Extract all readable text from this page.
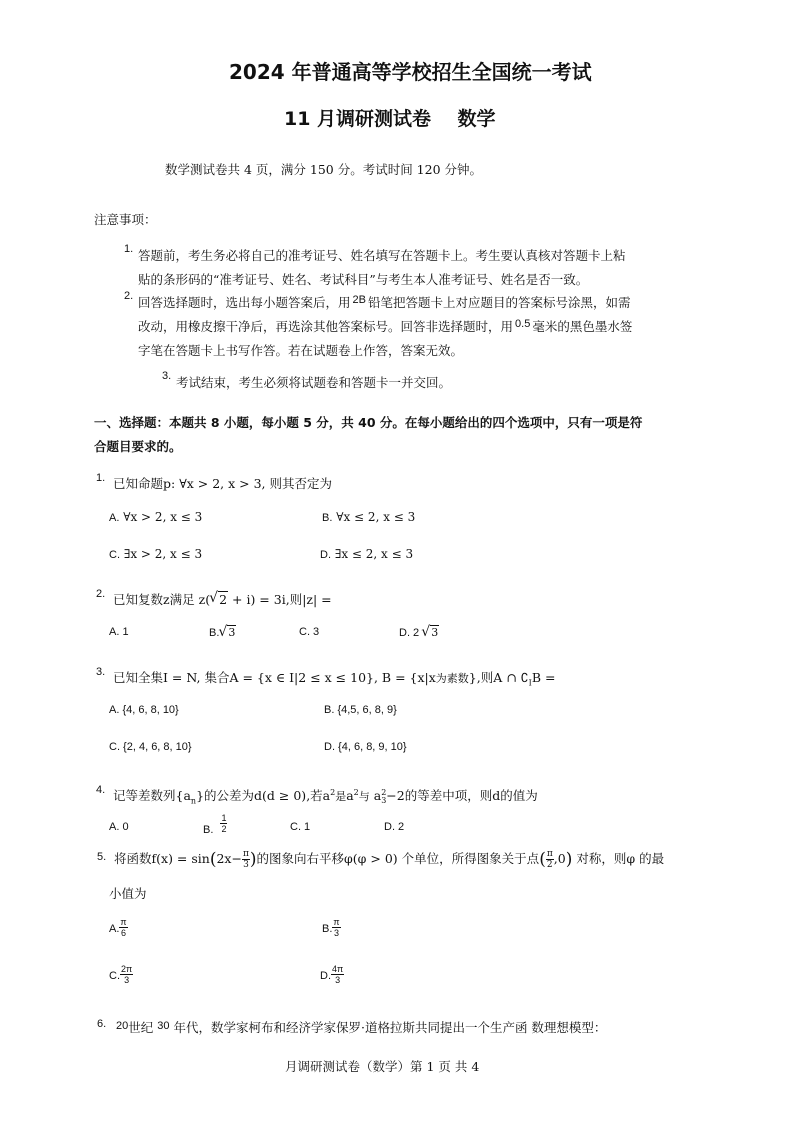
2024 年普通高等学校招生全国统一考试
11 月调研测试卷    数学
数学测试卷共 4 页，满分 150 分。考试时间 120 分钟。
注意事项：
1. 答题前，考生务必将自己的准考证号、姓名填写在答题卡上。考生要认真核对答题卡上粘
贴的条形码的“准考证号、姓名、考试科目”与考生本人准考证号、姓名是否一致。
2. 回答选择题时，选出每小题答案后，用 2B 铅笔把答题卡上对应题目的答案标号涂黑，如需
改动，用橡皮擦干净后，再选涂其他答案标号。回答非选择题时，用 0.5 毫米的黑色墨水签
字笔在答题卡上书写作答。若在试题卷上作答，答案无效。
3. 考试结束，考生必须将试题卷和答题卡一并交回。
一、选择题：本题共 8 小题，每小题 5 分，共 40 分。在每小题给出的四个选项中，只有一项是符
合题目要求的。
1. 已知命题p: ∀x > 2, x > 3, 则其否定为
A. ∀x > 2, x ≤ 3	B. ∀x ≤ 2, x ≤ 3
C. ∃x > 2, x ≤ 3	D. ∃x ≤ 2, x ≤ 3
2. 已知复数z满足 z( √ 2 + i) = 3i,则|z| =
A. 1	B. √ 3	C. 3	D. 2 √ 3
3. 已知全集I = N, 集合A = {x ∈ I|2 ≤ x ≤ 10}, B = {x|x为素数},则A ∩ $∁_IB$ =
A. {4, 6, 8, 10}	B. {4,5, 6, 8, 9}
C. {2, 4, 6, 8, 10}	D. {4, 6, 8, 9, 10}
4. 记等差数列$\{a_n\}$的公差为d(d ≥ 0),若$a^2$是$a^2$与 a 2
3 −2的等差中项，则d的值为
A. 0	B. $\frac{1}{2}$	C. 1	D. 2
5. 将函数$f(x) = \sin(2x- \frac{\pi}{3}$ )的图象向右平移φ(φ > 0) 个单位，所得图象关于点( $\frac{\pi}{2} ,0$) 对称，则φ 的最
小值为
A. $\frac{\pi}{6}$	B. $\frac{\pi}{3}$
C. $\frac{2\pi}{3}$	D. $\frac{4\pi}{3}$
6. 20世纪 30 年代，数学家柯布和经济学家保罗·道格拉斯共同提出一个生产函 数理想模型：
月调研测试卷（数学）第 1 页 共 4
